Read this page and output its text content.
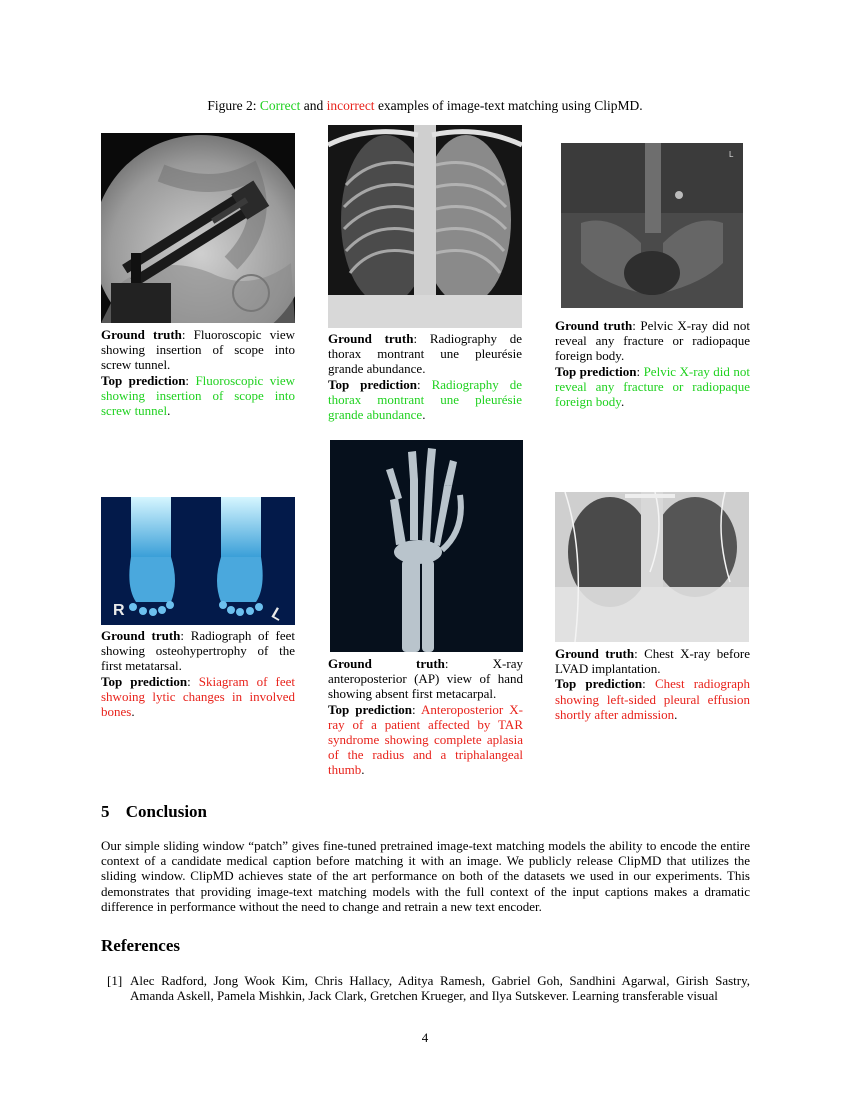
Figure 2: Correct and incorrect examples of image-text matching using ClipMD.
L

Ground truth: Fluoroscopic view showing insertion of scope into screw tunnel.

Top prediction: Fluoroscopic view showing insertion of scope into screw tunnel.

Ground truth: Radiography de thorax montrant une pleurésie grande abundance.

Top prediction: Radiography de thorax montrant une pleurésie grande abundance.

Ground truth: Pelvic X-ray did not reveal any fracture or radiopaque foreign body.

Top prediction: Pelvic X-ray did not reveal any fracture or radiopaque foreign body.

R	L

Ground truth: Radiograph of feet showing osteohypertrophy of the first metatarsal.

Top prediction: Skiagram of feet shwoing lytic changes in involved bones.

Ground truth: X-ray anteroposterior (AP) view of hand showing absent first metacarpal.

Top prediction: Anteroposterior X-ray of a patient affected by TAR syndrome showing complete aplasia of the radius and a triphalangeal thumb.

Ground truth: Chest X-ray before LVAD implantation.

Top prediction: Chest radiograph showing left-sided pleural effusion shortly after admission.

5 Conclusion
Our simple sliding window “patch” gives fine-tuned pretrained image-text matching models the ability to encode the entire context of a candidate medical caption before matching it with an image. We publicly release ClipMD that utilizes the sliding window. ClipMD achieves state of the art performance on both of the datasets we used in our experiments. This demonstrates that providing image-text matching models with the full context of the input captions makes a dramatic difference in performance without the need to change and retrain a new text encoder.
References
[1] Alec Radford, Jong Wook Kim, Chris Hallacy, Aditya Ramesh, Gabriel Goh, Sandhini Agarwal, Girish Sastry, Amanda Askell, Pamela Mishkin, Jack Clark, Gretchen Krueger, and Ilya Sutskever. Learning transferable visual
4
